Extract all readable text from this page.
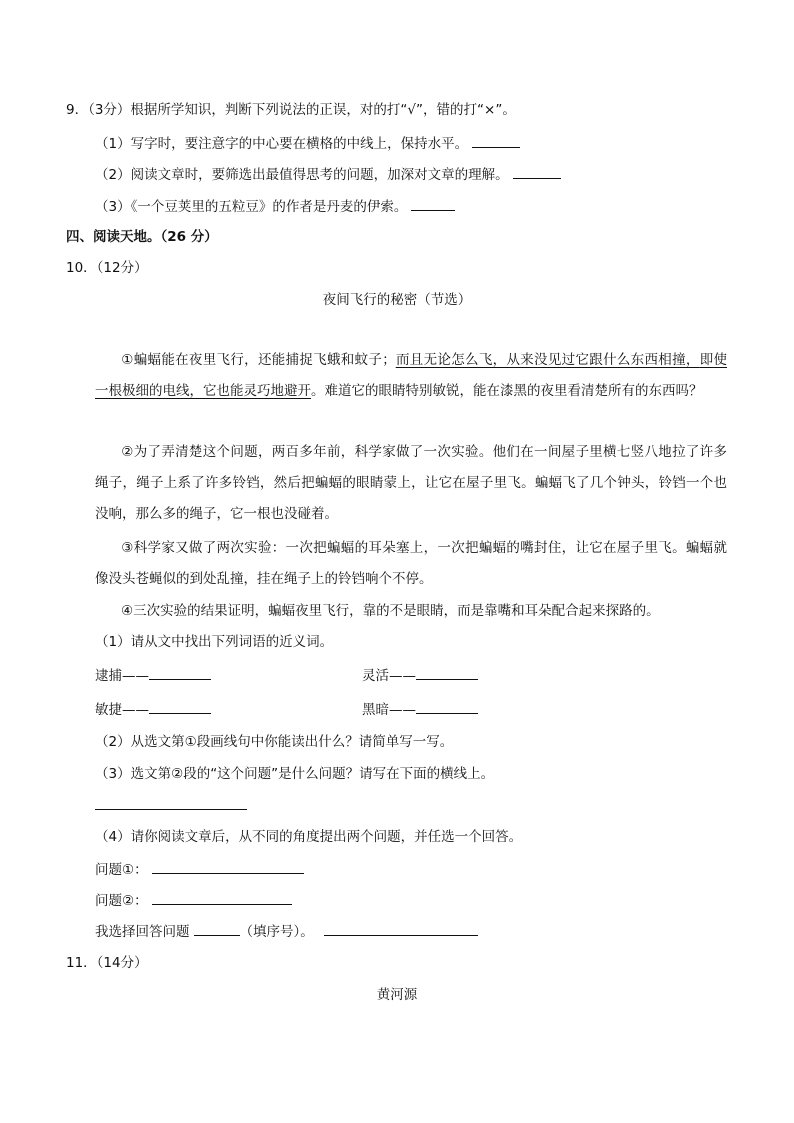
9．（3分）根据所学知识，判断下列说法的正误，对的打“√”，错的打“×”。
（1）写字时，要注意字的中心要在横格的中线上，保持水平。
（2）阅读文章时，要筛选出最值得思考的问题，加深对文章的理解。
（3）《一个豆荚里的五粒豆》的作者是丹麦的伊索。
四、阅读天地。（26 分）
10．（12分）
夜间飞行的秘密（节选）
①蝙蝠能在夜里飞行，还能捕捉飞蛾和蚊子；而且无论怎么飞，从来没见过它跟什么东西相撞，即使一根极细的电线，它也能灵巧地避开。难道它的眼睛特别敏锐，能在漆黑的夜里看清楚所有的东西吗？
②为了弄清楚这个问题，两百多年前，科学家做了一次实验。他们在一间屋子里横七竖八地拉了许多绳子，绳子上系了许多铃铛，然后把蝙蝠的眼睛蒙上，让它在屋子里飞。蝙蝠飞了几个钟头，铃铛一个也没响，那么多的绳子，它一根也没碰着。
③科学家又做了两次实验：一次把蝙蝠的耳朵塞上，一次把蝙蝠的嘴封住，让它在屋子里飞。蝙蝠就像没头苍蝇似的到处乱撞，挂在绳子上的铃铛响个不停。
④三次实验的结果证明，蝙蝠夜里飞行，靠的不是眼睛，而是靠嘴和耳朵配合起来探路的。
（1）请从文中找出下列词语的近义词。
逮捕——	灵活——
敏捷——	黑暗——
（2）从选文第①段画线句中你能读出什么？请简单写一写。
（3）选文第②段的“这个问题”是什么问题？请写在下面的横线上。
（4）请你阅读文章后，从不同的角度提出两个问题，并任选一个回答。
问题①：
问题②：
我选择回答问题	（填序号）。
11．（14分）
黄河源
